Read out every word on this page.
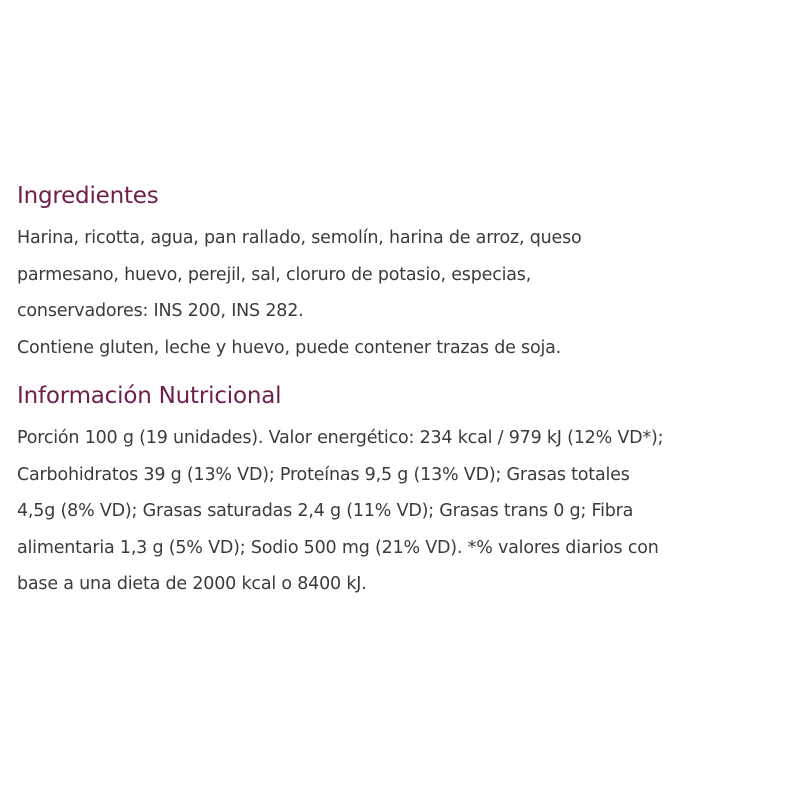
Ingredientes

Harina, ricotta, agua, pan rallado, semolín, harina de arroz, queso
parmesano, huevo, perejil, sal, cloruro de potasio, especias,
conservadores: INS 200, INS 282.
Contiene gluten, leche y huevo, puede contener trazas de soja.

Información Nutricional

Porción 100 g (19 unidades). Valor energético: 234 kcal / 979 kJ (12% VD*);
Carbohidratos 39 g (13% VD); Proteínas 9,5 g (13% VD); Grasas totales
4,5g (8% VD); Grasas saturadas 2,4 g (11% VD); Grasas trans 0 g; Fibra
alimentaria 1,3 g (5% VD); Sodio 500 mg (21% VD). *% valores diarios con
base a una dieta de 2000 kcal o 8400 kJ.
